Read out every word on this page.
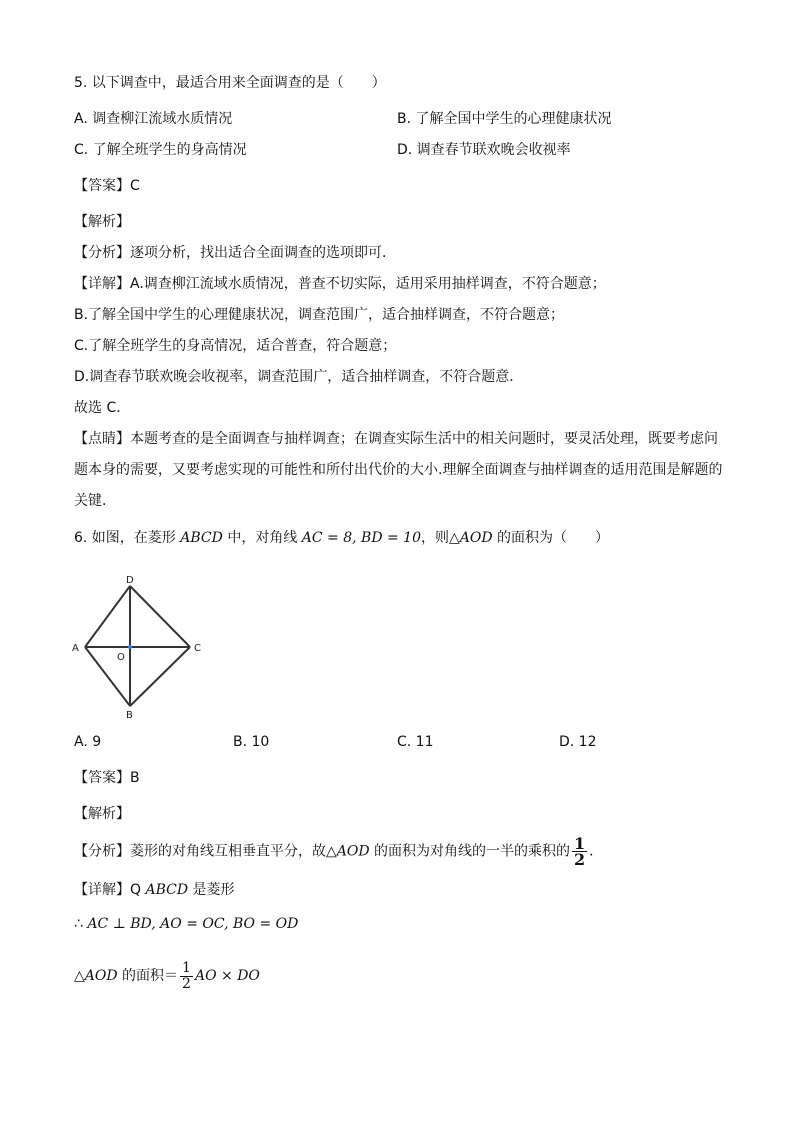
5. 以下调查中，最适合用来全面调查的是（　　）
A. 调查柳江流域水质情况	B. 了解全国中学生的心理健康状况
C. 了解全班学生的身高情况	D. 调查春节联欢晚会收视率
【答案】C
【解析】
【分析】逐项分析，找出适合全面调查的选项即可．
【详解】A.调查柳江流域水质情况，普查不切实际，适用采用抽样调查，不符合题意；
B.了解全国中学生的心理健康状况，调查范围广，适合抽样调查，不符合题意；
C.了解全班学生的身高情况，适合普查，符合题意；
D.调查春节联欢晚会收视率，调查范围广，适合抽样调查，不符合题意．
故选 C．
【点睛】本题考查的是全面调查与抽样调查；在调查实际生活中的相关问题时，要灵活处理，既要考虑问
题本身的需要，又要考虑实现的可能性和所付出代价的大小.理解全面调查与抽样调查的适用范围是解题的
关键．
6. 如图，在菱形 ABCD 中，对角线 AC = 8, BD = 10，则△AOD 的面积为（　　）
D
A	C
B
O
A. 9	B. 10	C. 11	D. 12
【答案】B
【解析】
【分析】菱形的对角线互相垂直平分，故△AOD 的面积为对角线的一半的乘积的 $\frac{1}{2}$ ．
【详解】Q ABCD 是菱形
∴ AC ⊥ BD, AO = OC, BO = OD
△AOD 的面积＝ $\frac{1}{2}$ AO × DO
